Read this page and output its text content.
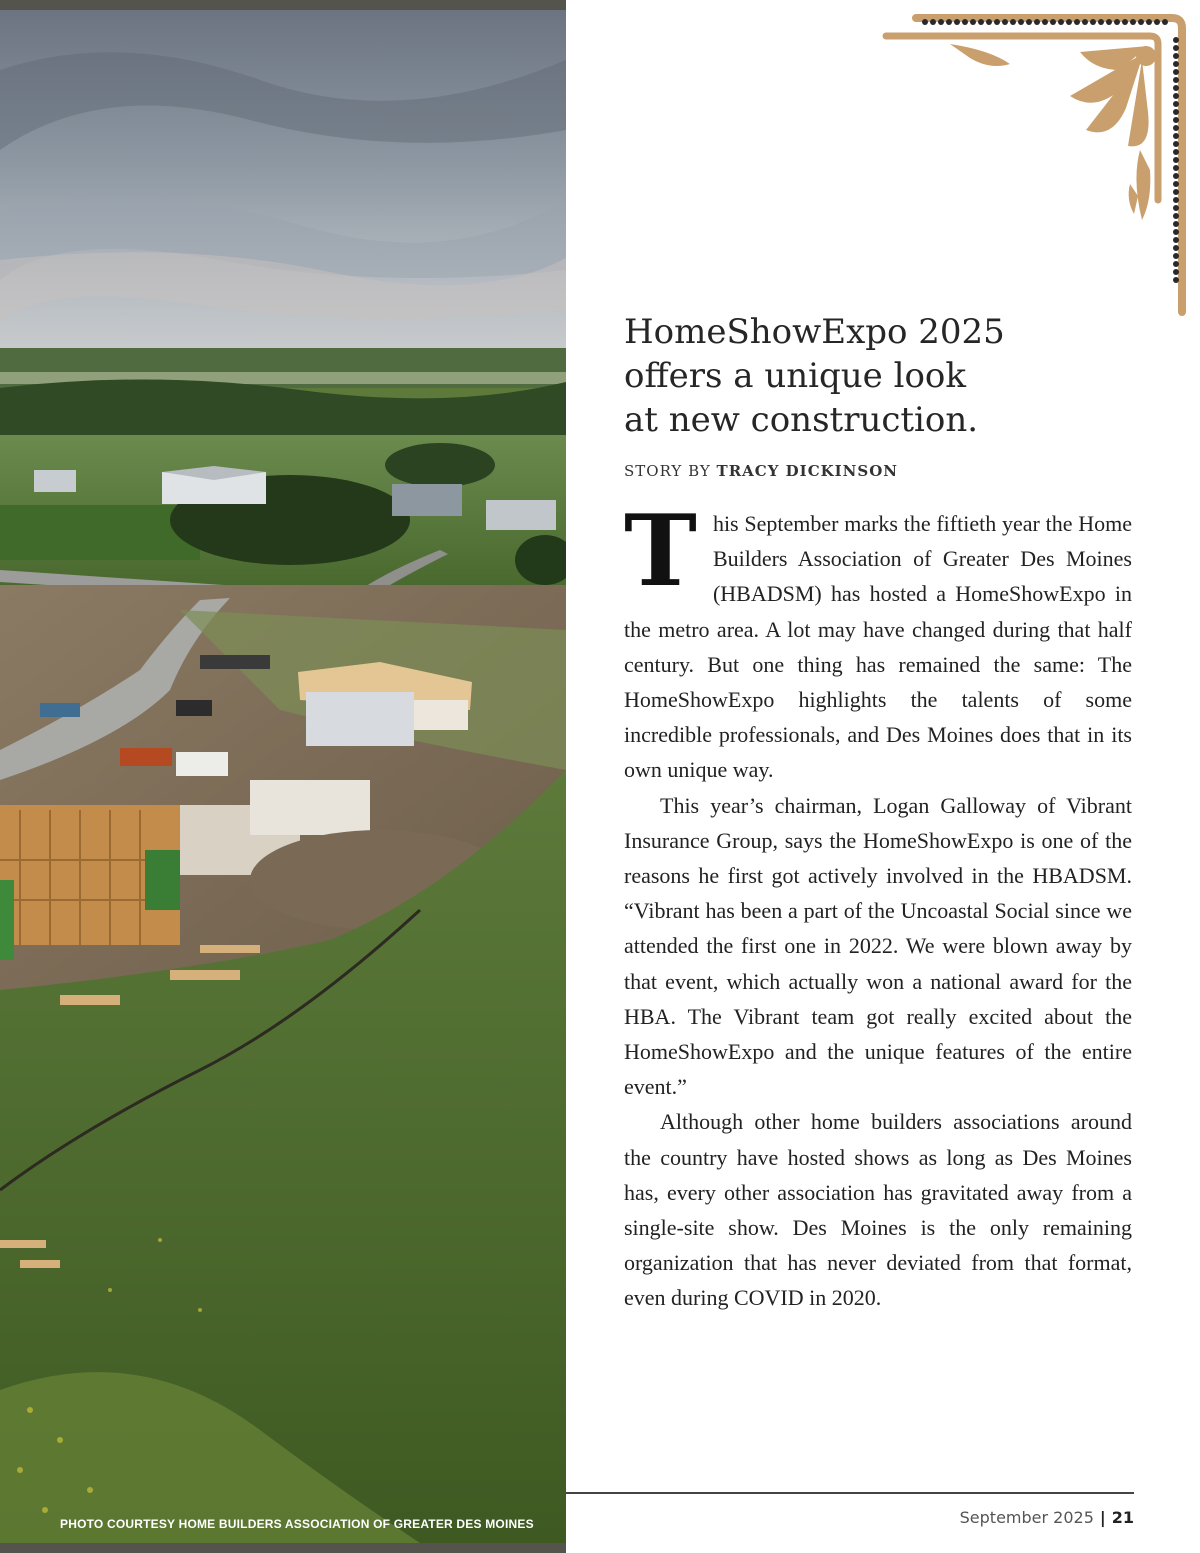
PHOTO COURTESY HOME BUILDERS ASSOCIATION OF GREATER DES MOINES
HomeShowExpo 2025
offers a unique look
at new construction.
STORY BY TRACY DICKINSON

This September marks the fiftieth year the Home Builders Association of Greater Des Moines (HBADSM) has hosted a HomeShowExpo in the metro area. A lot may have changed during that half century. But one thing has remained the same: The HomeShowExpo highlights the talents of some incredible professionals, and Des Moines does that in its own unique way.

This year’s chairman, Logan Galloway of Vibrant Insurance Group, says the HomeShowExpo is one of the reasons he first got actively involved in the HBADSM. “Vibrant has been a part of the Uncoastal Social since we attended the first one in 2022. We were blown away by that event, which actually won a national award for the HBA. The Vibrant team got really excited about the HomeShowExpo and the unique features of the entire event.”

Although other home builders associations around the country have hosted shows as long as Des Moines has, every other association has gravitated away from a single-site show. Des Moines is the only remaining organization that has never deviated from that format, even during COVID in 2020.

September 2025 | 21
